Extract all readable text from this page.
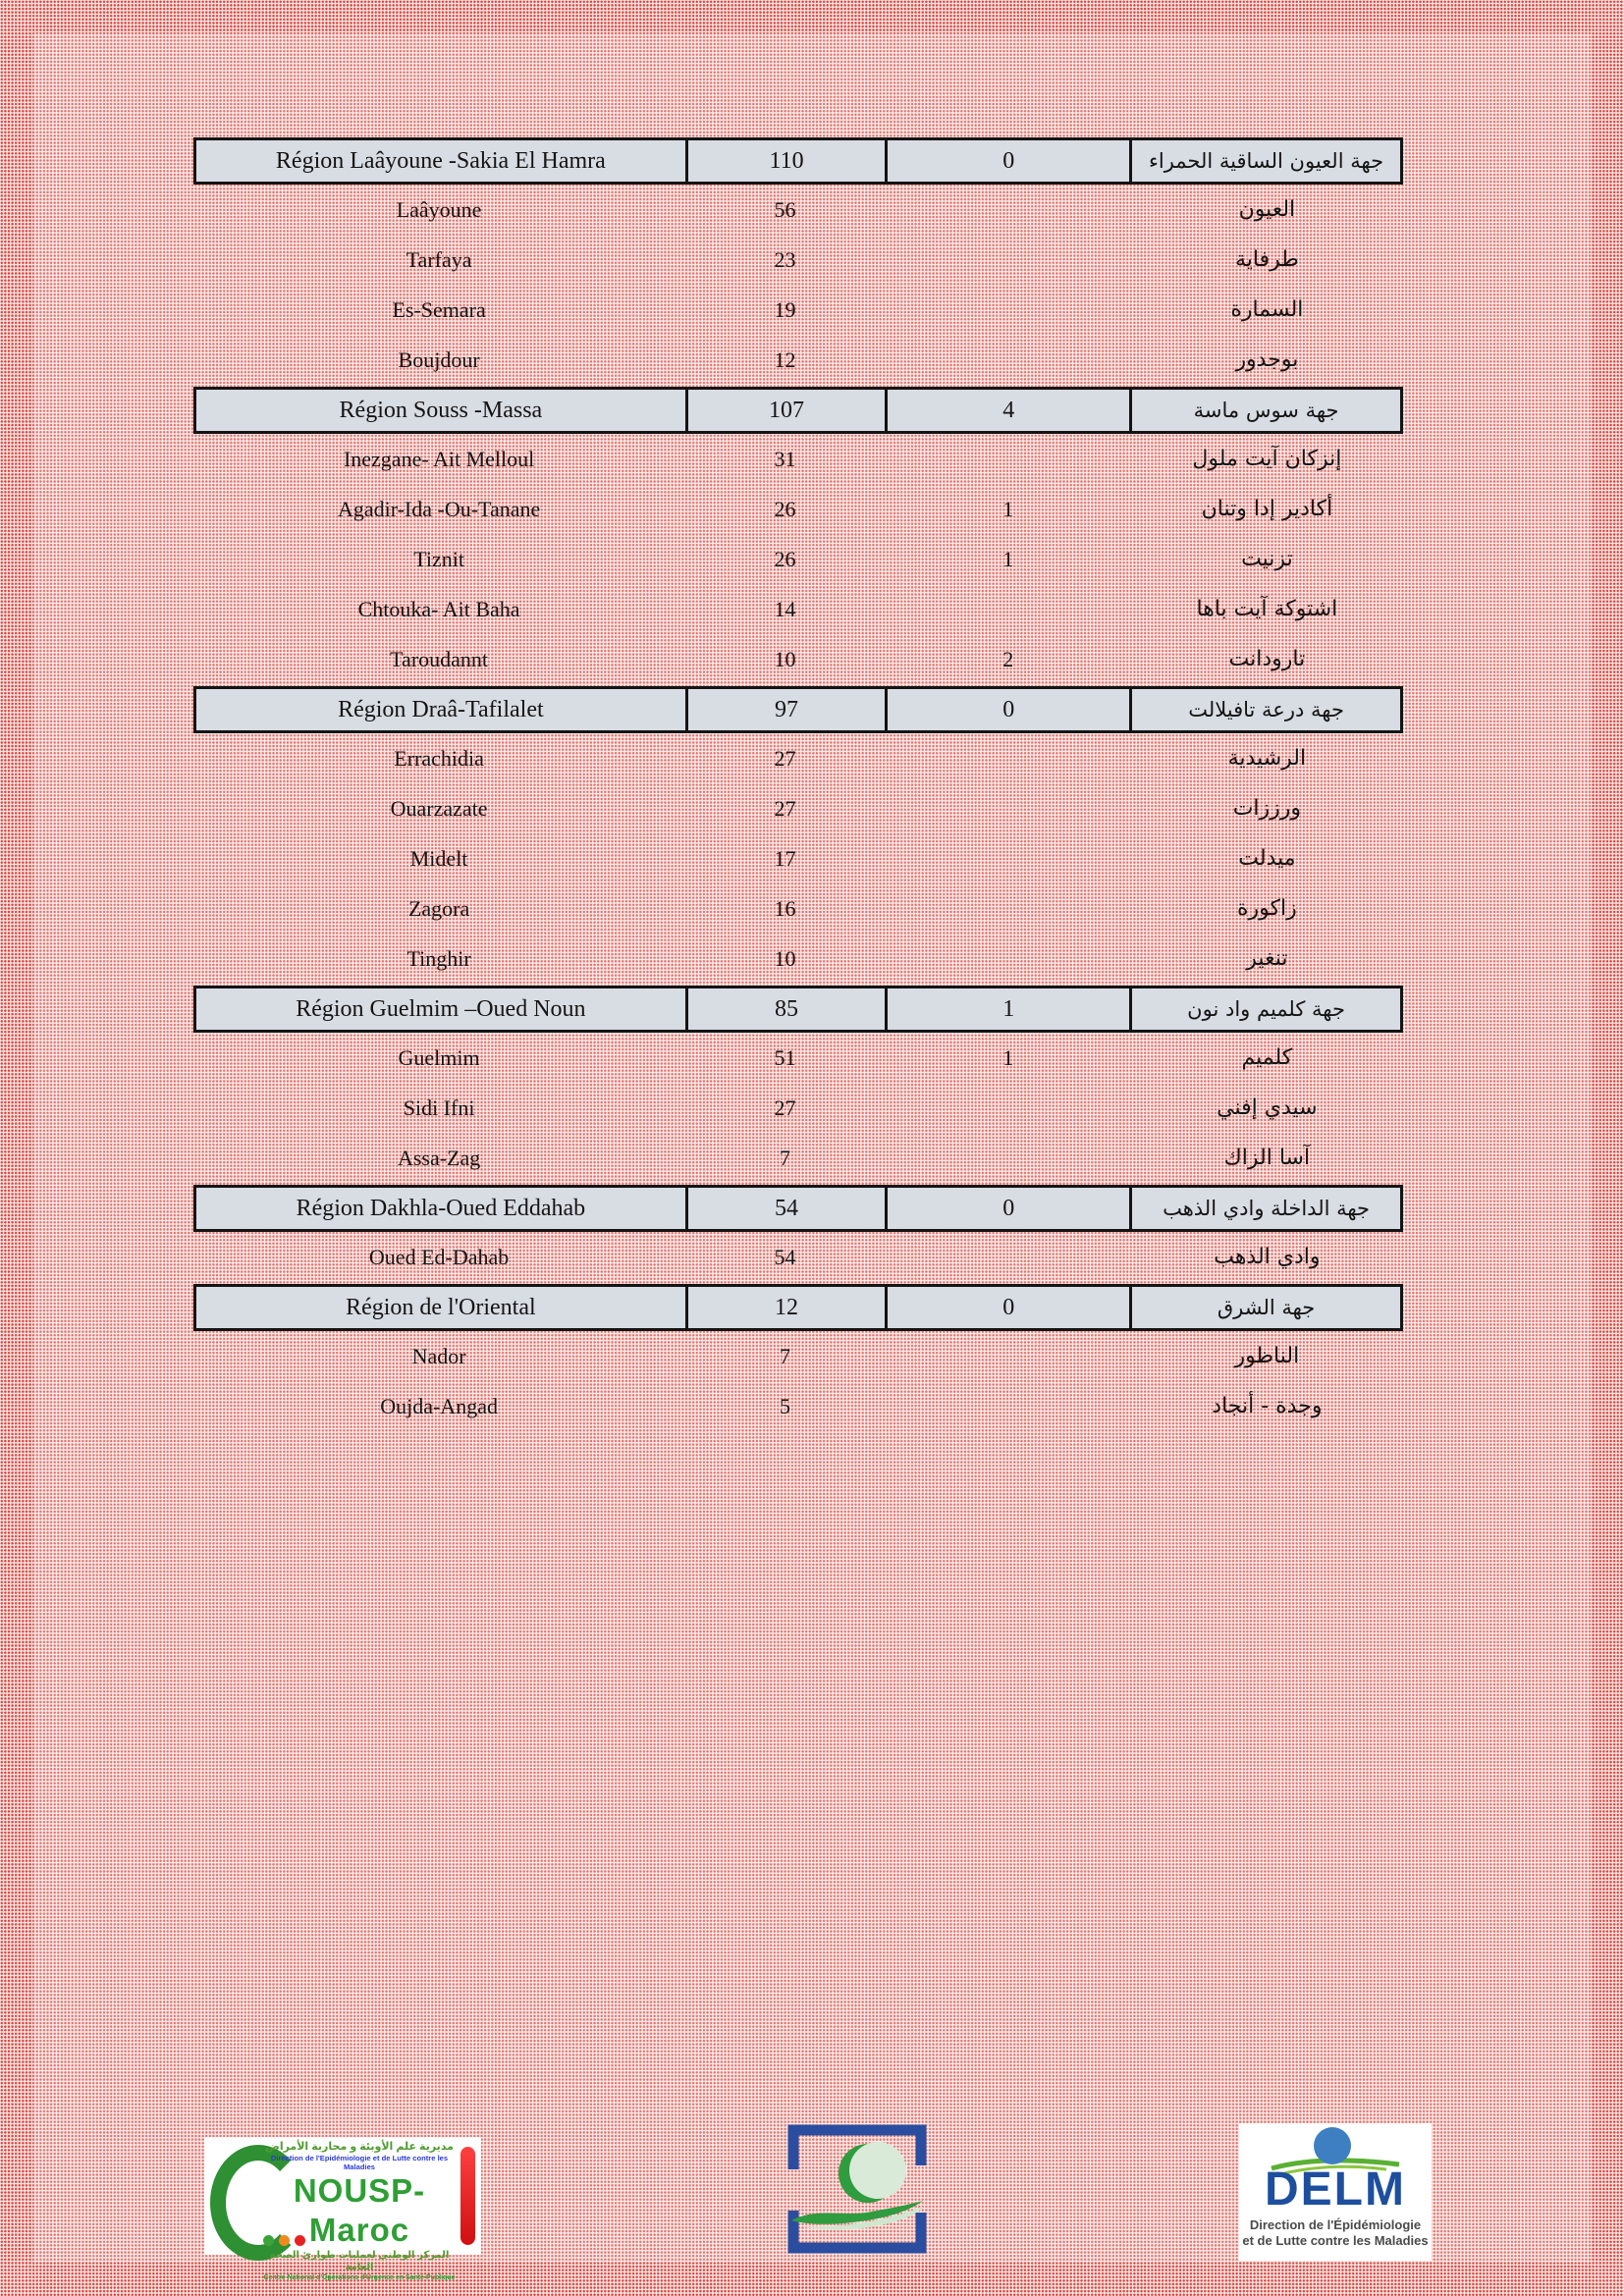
Région Laâyoune -Sakia El Hamra	110	0	جهة العيون الساقية الحمراء
Laâyoune	56	العيون
Tarfaya	23	طرفاية
Es-Semara	19	السمارة
Boujdour	12	بوجدور
Région Souss -Massa	107	4	جهة سوس ماسة
Inezgane- Ait Melloul	31	إنزكان آيت ملول
Agadir-Ida -Ou-Tanane	26	1	أكادير إدا وتنان
Tiznit	26	1	تزنيت
Chtouka- Ait Baha	14	اشتوكة آيت باها
Taroudannt	10	2	تارودانت
Région Draâ-Tafilalet	97	0	جهة درعة تافيلالت
Errachidia	27	الرشيدية
Ouarzazate	27	ورززات
Midelt	17	ميدلت
Zagora	16	زاكورة
Tinghir	10	تنغير
Région Guelmim –Oued Noun	85	1	جهة كلميم واد نون
Guelmim	51	1	كلميم
Sidi Ifni	27	سيدي إفني
Assa-Zag	7	آسا الزاك
Région Dakhla-Oued Eddahab	54	0	جهة الداخلة وادي الذهب
Oued Ed-Dahab	54	وادي الذهب
Région de l'Oriental	12	0	جهة الشرق
Nador	7	الناظور
Oujda-Angad	5	وجدة - أنجاد
مديرية علم الأوبئة و محاربة الأمراض
Direction de l'Epidémiologie et de Lutte contre les Maladies
NOUSP-Maroc
المركز الوطني لعمليات طوارئ الصحة العامة
Centre National d'Opérations d'Urgence en Santé Publique
DELM
Direction de l'Épidémiologie
et de Lutte contre les Maladies
